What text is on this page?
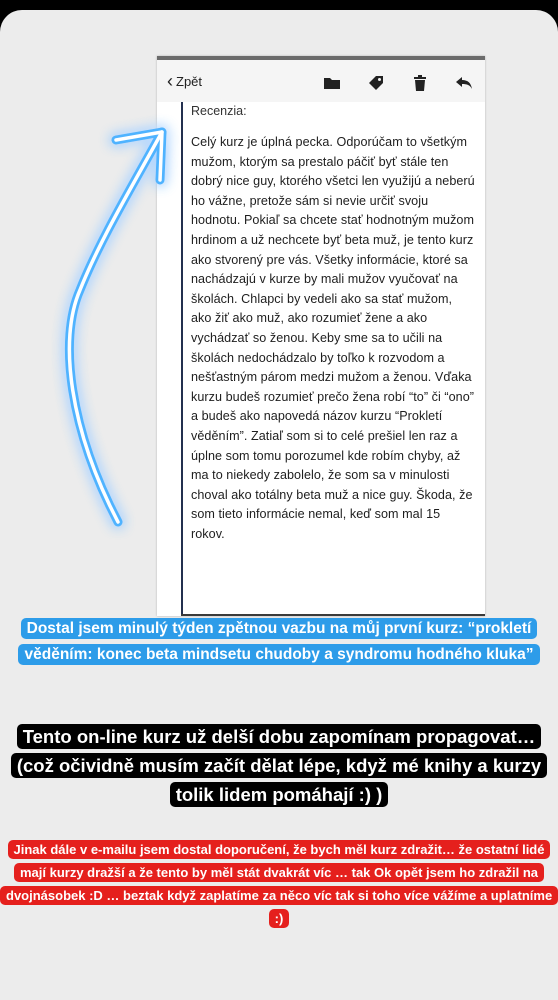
‹ Zpět
Recenzia:
Celý kurz je úplná pecka. Odporúčam to všetkým mužom, ktorým sa prestalo páčiť byť stále ten dobrý nice guy, ktorého všetci len využijú a neberú ho vážne, pretože sám si nevie určiť svoju hodnotu. Pokiaľ sa chcete stať hodnotným mužom hrdinom a už nechcete byť beta muž, je tento kurz ako stvorený pre vás. Všetky informácie, ktoré sa nachádzajú v kurze by mali mužov vyučovať na školách. Chlapci by vedeli ako sa stať mužom, ako žiť ako muž, ako rozumieť žene a ako vychádzať so ženou. Keby sme sa to učili na školách nedochádzalo by toľko k rozvodom a nešťastným párom medzi mužom a ženou. Vďaka kurzu budeš rozumieť prečo žena robí “to” či “ono” a budeš ako napovedá názov kurzu “Prokletí věděním”. Zatiaľ som si to celé prešiel len raz a úplne som tomu porozumel kde robím chyby, až ma to niekedy zabolelo, že som sa v minulosti choval ako totálny beta muž a nice guy. Škoda, že som tieto informácie nemal, keď som mal 15 rokov.
Dostal jsem minulý týden zpětnou vazbu na můj první kurz: “prokletí věděním: konec beta mindsetu chudoby a syndromu hodného kluka”
Tento on-line kurz už delší dobu zapomínam propagovat… (což očividně musím začít dělat lépe, když mé knihy a kurzy tolik lidem pomáhají :) )
Jinak dále v e-mailu jsem dostal doporučení, že bych měl kurz zdražit… že ostatní lidé mají kurzy dražší a že tento by měl stát dvakrát víc … tak Ok opět jsem ho zdražil na dvojnásobek :D … beztak když zaplatíme za něco víc tak si toho více vážíme a uplatníme :)
